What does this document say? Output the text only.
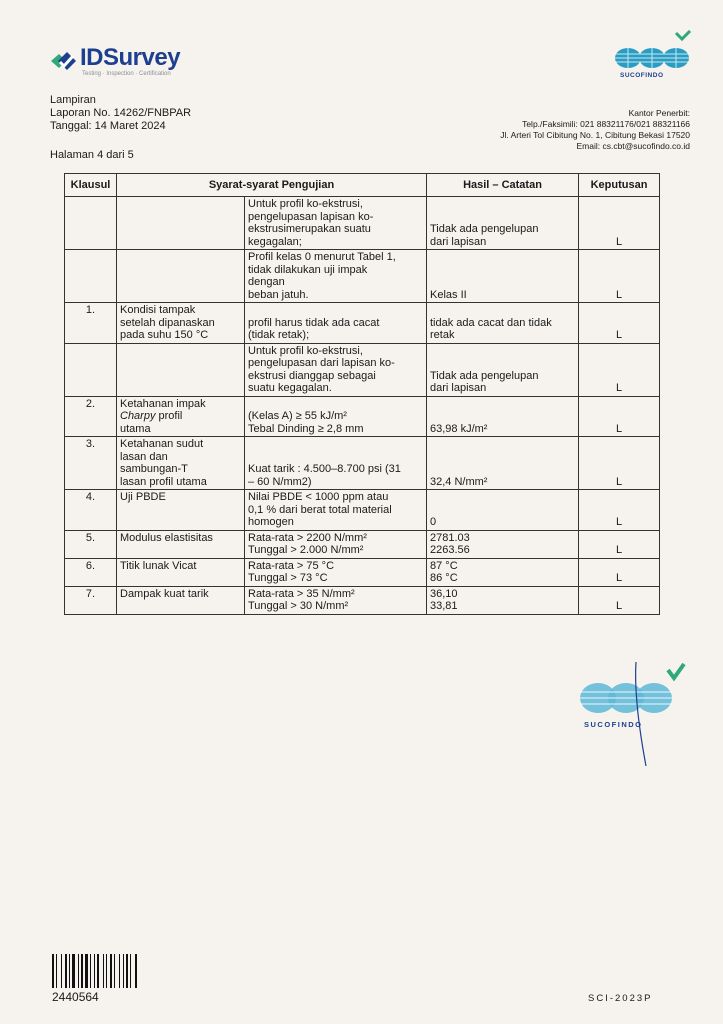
IDSurvey
Testing · Inspection · Certification	SUCOFINDO
Lampiran
Laporan No. 14262/FNBPAR
Tanggal: 14 Maret 2024
Halaman 4 dari 5
Kantor Penerbit:
Telp./Faksimili: 021 88321176/021 88321166
Jl. Arteri Tol Cibitung No. 1, Cibitung Bekasi 17520
Email: cs.cbt@sucofindo.co.id
Klausul	Syarat-syarat Pengujian		Hasil – Catatan	Keputusan

		Untuk profil ko-ekstrusi,
pengelupasan lapisan ko-
ekstrusimerupakan suatu
kegagalan;	Tidak ada pengelupan
dari lapisan	L

		Profil kelas 0 menurut Tabel 1,
tidak dilakukan uji impak
dengan
beban jatuh.	Kelas II	L
1.	Kondisi tampak
setelah dipanaskan
pada suhu 150 °C	profil harus tidak ada cacat
(tidak retak);	tidak ada cacat dan tidak
retak	L

		Untuk profil ko-ekstrusi,
pengelupasan dari lapisan ko-
ekstrusi dianggap sebagai
suatu kegagalan.	Tidak ada pengelupan
dari lapisan	L
2.	Ketahanan impak
Charpy profil
utama	(Kelas A) ≥ 55 kJ/m²
Tebal Dinding ≥ 2,8 mm	63,98 kJ/m²	L
3.	Ketahanan sudut
lasan dan
sambungan-T
lasan profil utama	Kuat tarik : 4.500–8.700 psi (31
– 60 N/mm2)	32,4 N/mm²	L
4.	Uji PBDE	Nilai PBDE < 1000 ppm atau
0,1 % dari berat total material
homogen	0	L
5.	Modulus elastisitas	Rata-rata > 2200 N/mm²
Tunggal > 2.000 N/mm²	2781.03
2263.56	L
6.	Titik lunak Vicat	Rata-rata > 75 °C
Tunggal > 73 °C	87 °C
86 °C	L
7.	Dampak kuat tarik	Rata-rata > 35 N/mm²
Tunggal > 30 N/mm²	36,10
33,81	L
SUCOFINDO
2440564	SCI-2023P
